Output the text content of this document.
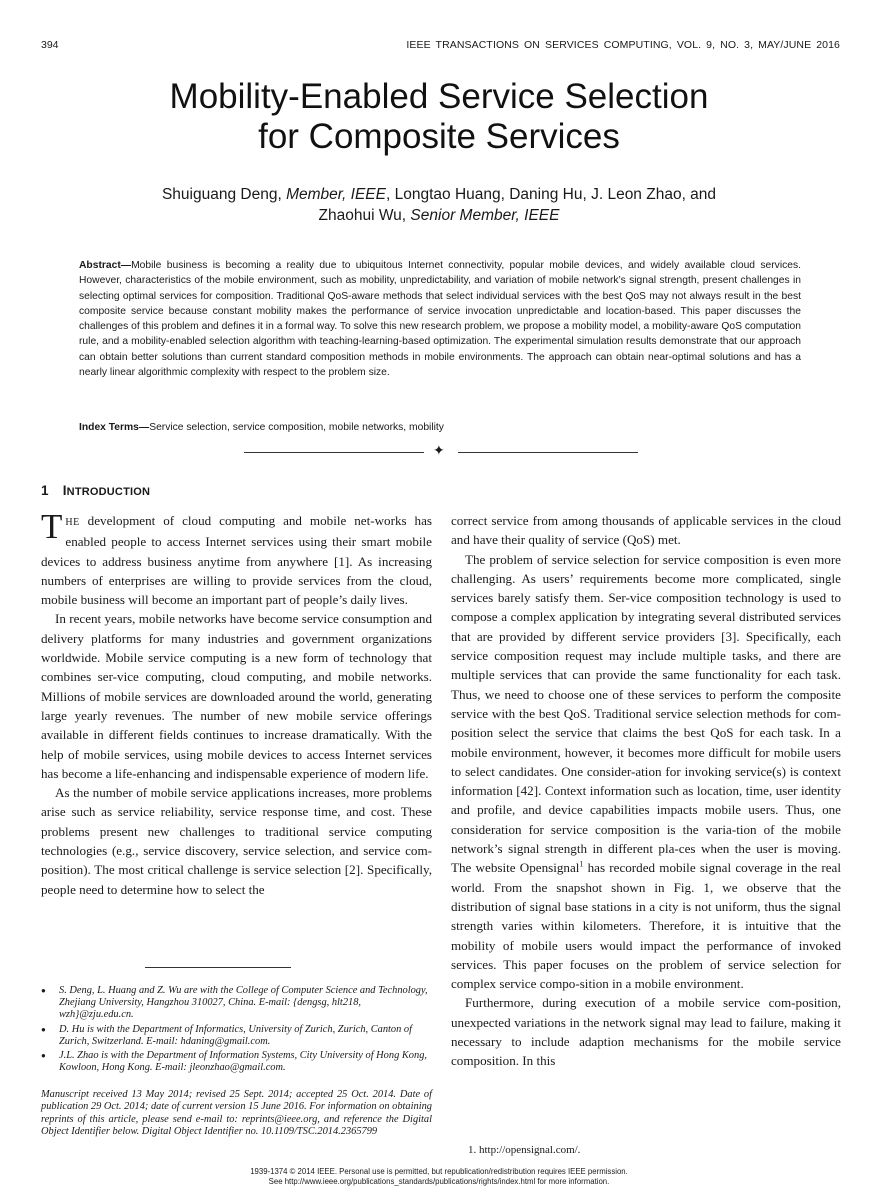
394	IEEE TRANSACTIONS ON SERVICES COMPUTING, VOL. 9, NO. 3, MAY/JUNE 2016
Mobility-Enabled Service Selection
for Composite Services
Shuiguang Deng, Member, IEEE, Longtao Huang, Daning Hu, J. Leon Zhao, and
Zhaohui Wu, Senior Member, IEEE
Abstract—Mobile business is becoming a reality due to ubiquitous Internet connectivity, popular mobile devices, and widely available cloud services. However, characteristics of the mobile environment, such as mobility, unpredictability, and variation of mobile network’s signal strength, present challenges in selecting optimal services for composition. Traditional QoS-aware methods that select individual services with the best QoS may not always result in the best composite service because constant mobility makes the performance of service invocation unpredictable and location-based. This paper discusses the challenges of this problem and defines it in a formal way. To solve this new research problem, we propose a mobility model, a mobility-aware QoS computation rule, and a mobility-enabled selection algorithm with teaching-learning-based optimization. The experimental simulation results demonstrate that our approach can obtain better solutions than current standard composition methods in mobile environments. The approach can obtain near-optimal solutions and has a nearly linear algorithmic complexity with respect to the problem size.
Index Terms—Service selection, service composition, mobile networks, mobility
✦
1 INTRODUCTION

THE development of cloud computing and mobile net-works has enabled people to access Internet services using their smart mobile devices to address business anytime from anywhere [1]. As increasing numbers of enterprises are willing to provide services from the cloud, mobile business will become an important part of people’s daily lives.

In recent years, mobile networks have become service consumption and delivery platforms for many industries and government organizations worldwide. Mobile service computing is a new form of technology that combines ser-vice computing, cloud computing, and mobile networks. Millions of mobile services are downloaded around the world, generating large yearly revenues. The number of new mobile service offerings available in different fields continues to increase dramatically. With the help of mobile services, using mobile devices to access Internet services has become a life-enhancing and indispensable experience of modern life.

As the number of mobile service applications increases, more problems arise such as service reliability, service response time, and cost. These problems present new challenges to traditional service computing technologies (e.g., service discovery, service selection, and service com-position). The most critical challenge is service selection [2]. Specifically, people need to determine how to select the

● S. Deng, L. Huang and Z. Wu are with the College of Computer Science and Technology, Zhejiang University, Hangzhou 310027, China. E-mail: {dengsg, hlt218, wzh}@zju.edu.cn.
● D. Hu is with the Department of Informatics, University of Zurich, Zurich, Canton of Zurich, Switzerland. E-mail: hdaning@gmail.com.
● J.L. Zhao is with the Department of Information Systems, City University of Hong Kong, Kowloon, Hong Kong. E-mail: jleonzhao@gmail.com.
Manuscript received 13 May 2014; revised 25 Sept. 2014; accepted 25 Oct. 2014. Date of publication 29 Oct. 2014; date of current version 15 June 2016. For information on obtaining reprints of this article, please send e-mail to: reprints@ieee.org, and reference the Digital Object Identifier below. Digital Object Identifier no. 10.1109/TSC.2014.2365799

correct service from among thousands of applicable services in the cloud and have their quality of service (QoS) met.

The problem of service selection for service composition is even more challenging. As users’ requirements become more complicated, single services barely satisfy them. Ser-vice composition technology is used to compose a complex application by integrating several distributed services that are provided by different service providers [3]. Specifically, each service composition request may include multiple tasks, and there are multiple services that can provide the same functionality for each task. Thus, we need to choose one of these services to perform the composite service with the best QoS. Traditional service selection methods for com-position select the service that claims the best QoS for each task. In a mobile environment, however, it becomes more difficult for mobile users to select candidates. One consider-ation for invoking service(s) is context information [42]. Context information such as location, time, user identity and profile, and device capabilities impacts mobile users. Thus, one consideration for service composition is the varia-tion of the mobile network’s signal strength in different pla-ces when the user is moving. The website Opensignal$^1$ has recorded mobile signal coverage in the real world. From the snapshot shown in Fig. 1, we observe that the distribution of signal base stations in a city is not uniform, thus the signal strength varies within kilometers. Therefore, it is intuitive that the mobility of mobile users would impact the performance of invoked services. This paper focuses on the problem of service selection for complex service compo-sition in a mobile environment.

Furthermore, during execution of a mobile service com-position, unexpected variations in the network signal may lead to failure, making it necessary to include adaption mechanisms for the mobile service composition. In this

1. http://opensignal.com/.
1939-1374 © 2014 IEEE. Personal use is permitted, but republication/redistribution requires IEEE permission.
See http://www.ieee.org/publications_standards/publications/rights/index.html for more information.
